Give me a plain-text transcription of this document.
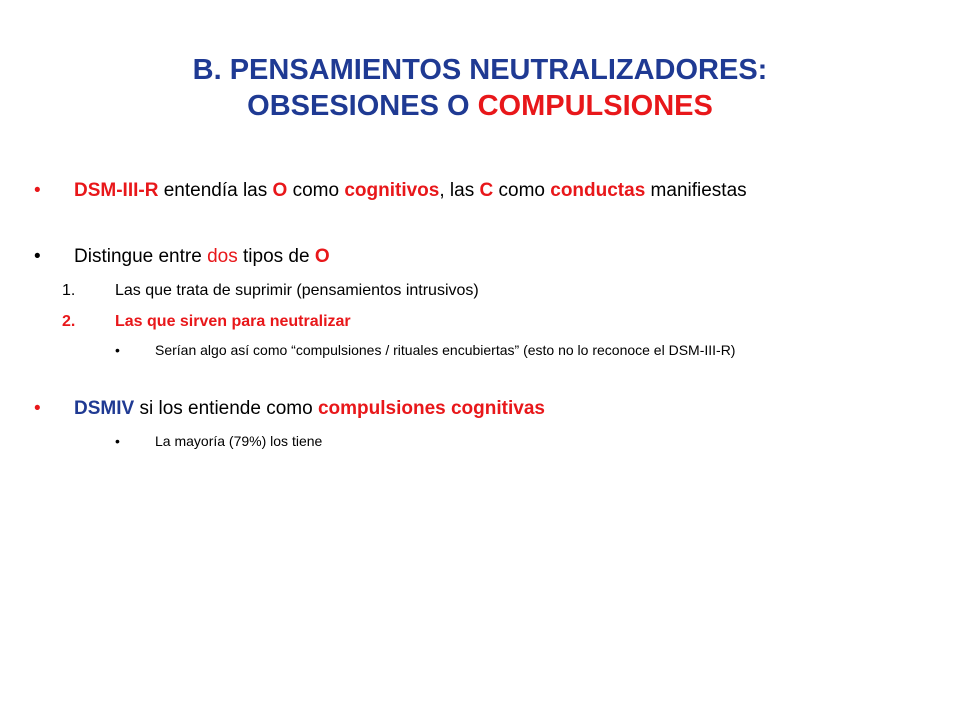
B. PENSAMIENTOS NEUTRALIZADORES:
OBSESIONES O COMPULSIONES
• DSM-III-R entendía las O como cognitivos, las C como conductas manifiestas
• Distingue entre dos tipos de O
1. Las que trata de suprimir (pensamientos intrusivos)
2. Las que sirven para neutralizar
•	Serían algo así como “compulsiones / rituales encubiertas” (esto no lo reconoce el DSM-III-R)
• DSMIV si los entiende como compulsiones cognitivas
•	La mayoría (79%) los tiene
